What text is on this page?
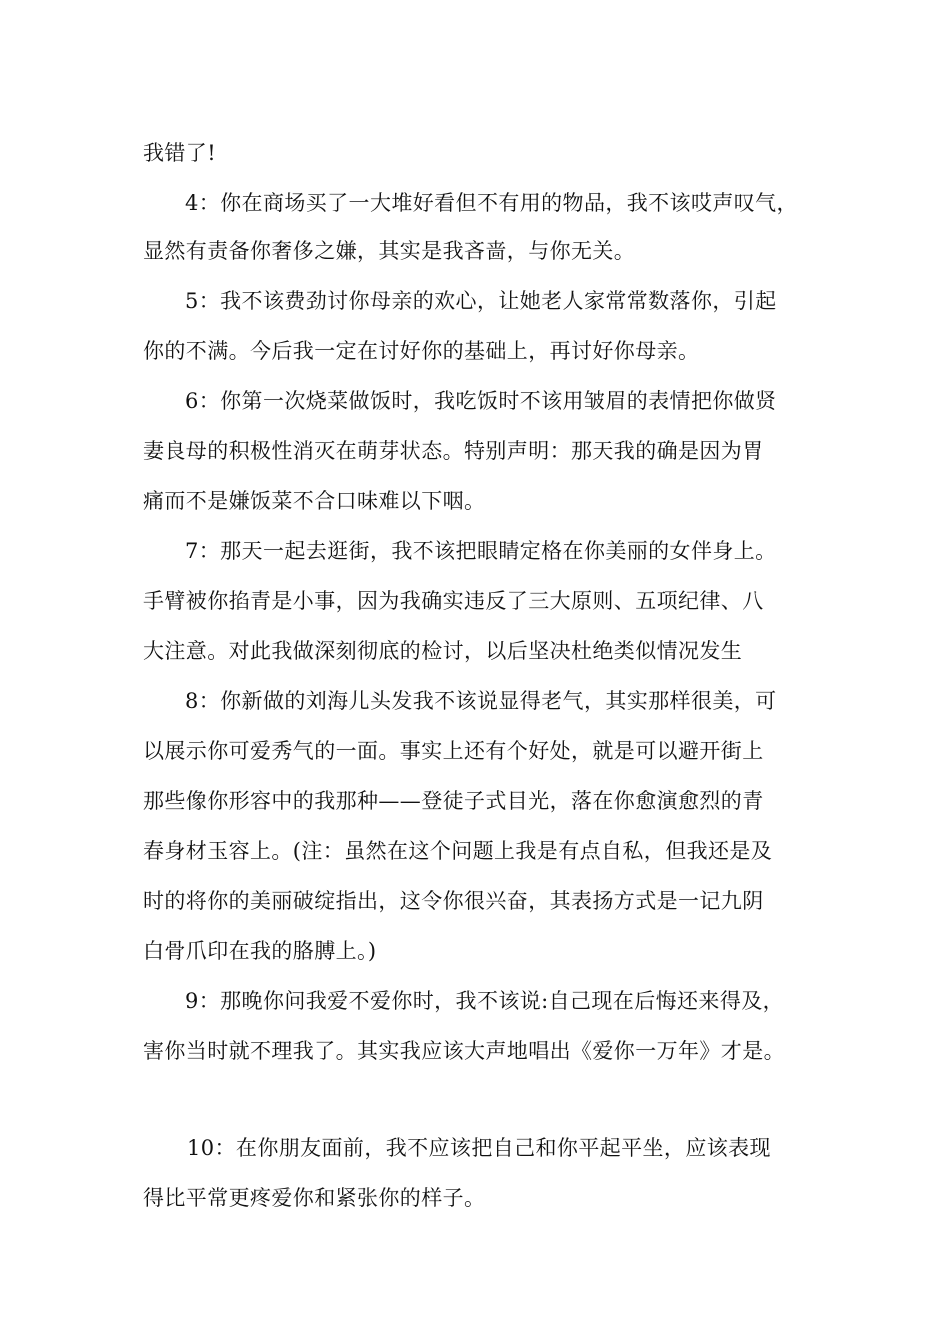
我错了!
4：你在商场买了一大堆好看但不有用的物品，我不该哎声叹气，
显然有责备你奢侈之嫌，其实是我吝啬，与你无关。
5：我不该费劲讨你母亲的欢心，让她老人家常常数落你，引起
你的不满。今后我一定在讨好你的基础上，再讨好你母亲。
6：你第一次烧菜做饭时，我吃饭时不该用皱眉的表情把你做贤
妻良母的积极性消灭在萌芽状态。特别声明：那天我的确是因为胃
痛而不是嫌饭菜不合口味难以下咽。
7：那天一起去逛街，我不该把眼睛定格在你美丽的女伴身上。
手臂被你掐青是小事，因为我确实违反了三大原则、五项纪律、八
大注意。对此我做深刻彻底的检讨，以后坚决杜绝类似情况发生
8：你新做的刘海儿头发我不该说显得老气，其实那样很美，可
以展示你可爱秀气的一面。事实上还有个好处，就是可以避开街上
那些像你形容中的我那种——登徒子式目光，落在你愈演愈烈的青
春身材玉容上。(注：虽然在这个问题上我是有点自私，但我还是及
时的将你的美丽破绽指出，这令你很兴奋，其表扬方式是一记九阴
白骨爪印在我的胳膊上。)
9：那晚你问我爱不爱你时，我不该说:自己现在后悔还来得及，
害你当时就不理我了。其实我应该大声地唱出《爱你一万年》才是。
10：在你朋友面前，我不应该把自己和你平起平坐，应该表现
得比平常更疼爱你和紧张你的样子。
